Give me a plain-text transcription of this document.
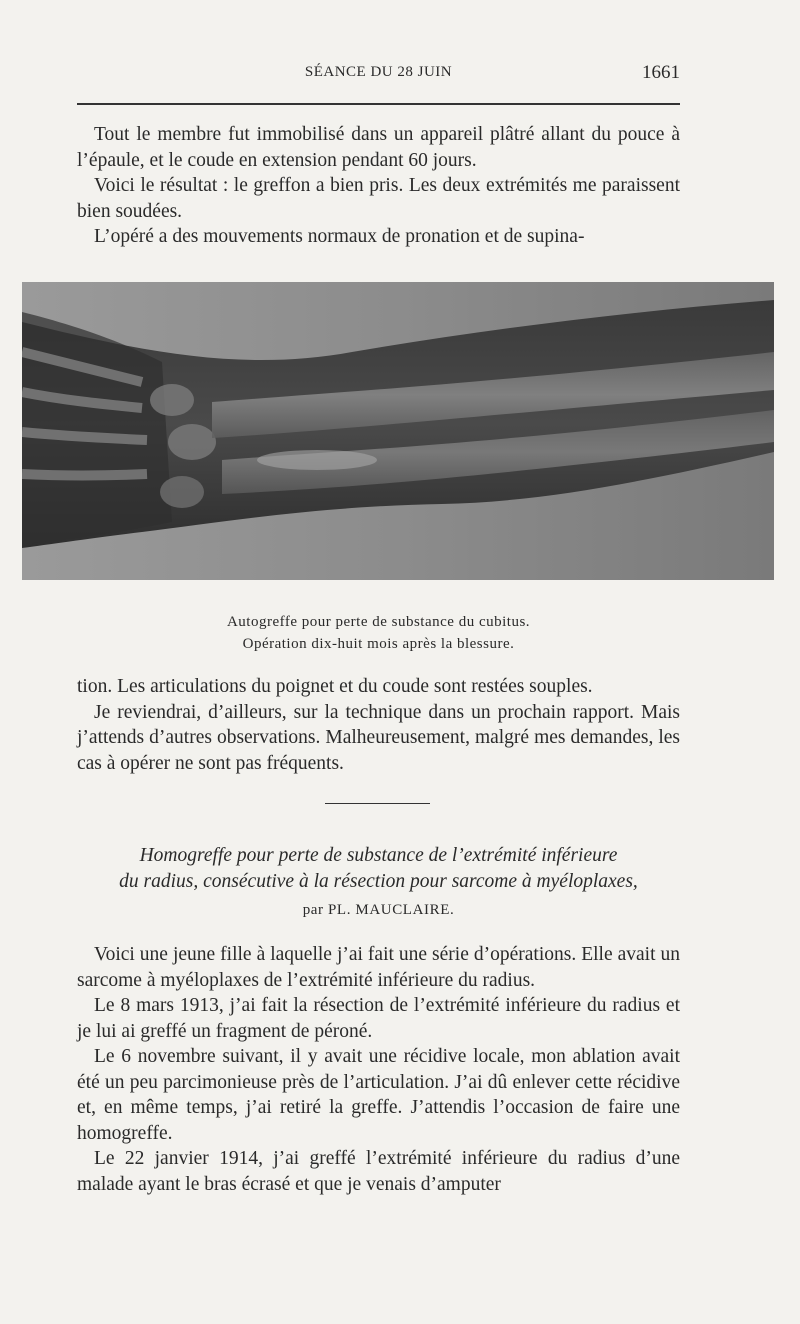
SÉANCE DU 28 JUIN	1661

Tout le membre fut immobilisé dans un appareil plâtré allant du pouce à l’épaule, et le coude en extension pendant 60 jours.

Voici le résultat : le greffon a bien pris. Les deux extrémités me paraissent bien soudées.

L’opéré a des mouvements normaux de pronation et de supina-

Autogreffe pour perte de substance du cubitus.
Opération dix-huit mois après la blessure.

tion. Les articulations du poignet et du coude sont restées souples.

Je reviendrai, d’ailleurs, sur la technique dans un prochain rapport. Mais j’attends d’autres observations. Malheureusement, malgré mes demandes, les cas à opérer ne sont pas fréquents.

Homogreffe pour perte de substance de l’extrémité inférieure
du radius, consécutive à la résection pour sarcome à myéloplaxes,
par PL. MAUCLAIRE.

Voici une jeune fille à laquelle j’ai fait une série d’opérations. Elle avait un sarcome à myéloplaxes de l’extrémité inférieure du radius.

Le 8 mars 1913, j’ai fait la résection de l’extrémité inférieure du radius et je lui ai greffé un fragment de péroné.

Le 6 novembre suivant, il y avait une récidive locale, mon ablation avait été un peu parcimonieuse près de l’articulation. J’ai dû enlever cette récidive et, en même temps, j’ai retiré la greffe. J’attendis l’occasion de faire une homogreffe.

Le 22 janvier 1914, j’ai greffé l’extrémité inférieure du radius d’une malade ayant le bras écrasé et que je venais d’amputer
